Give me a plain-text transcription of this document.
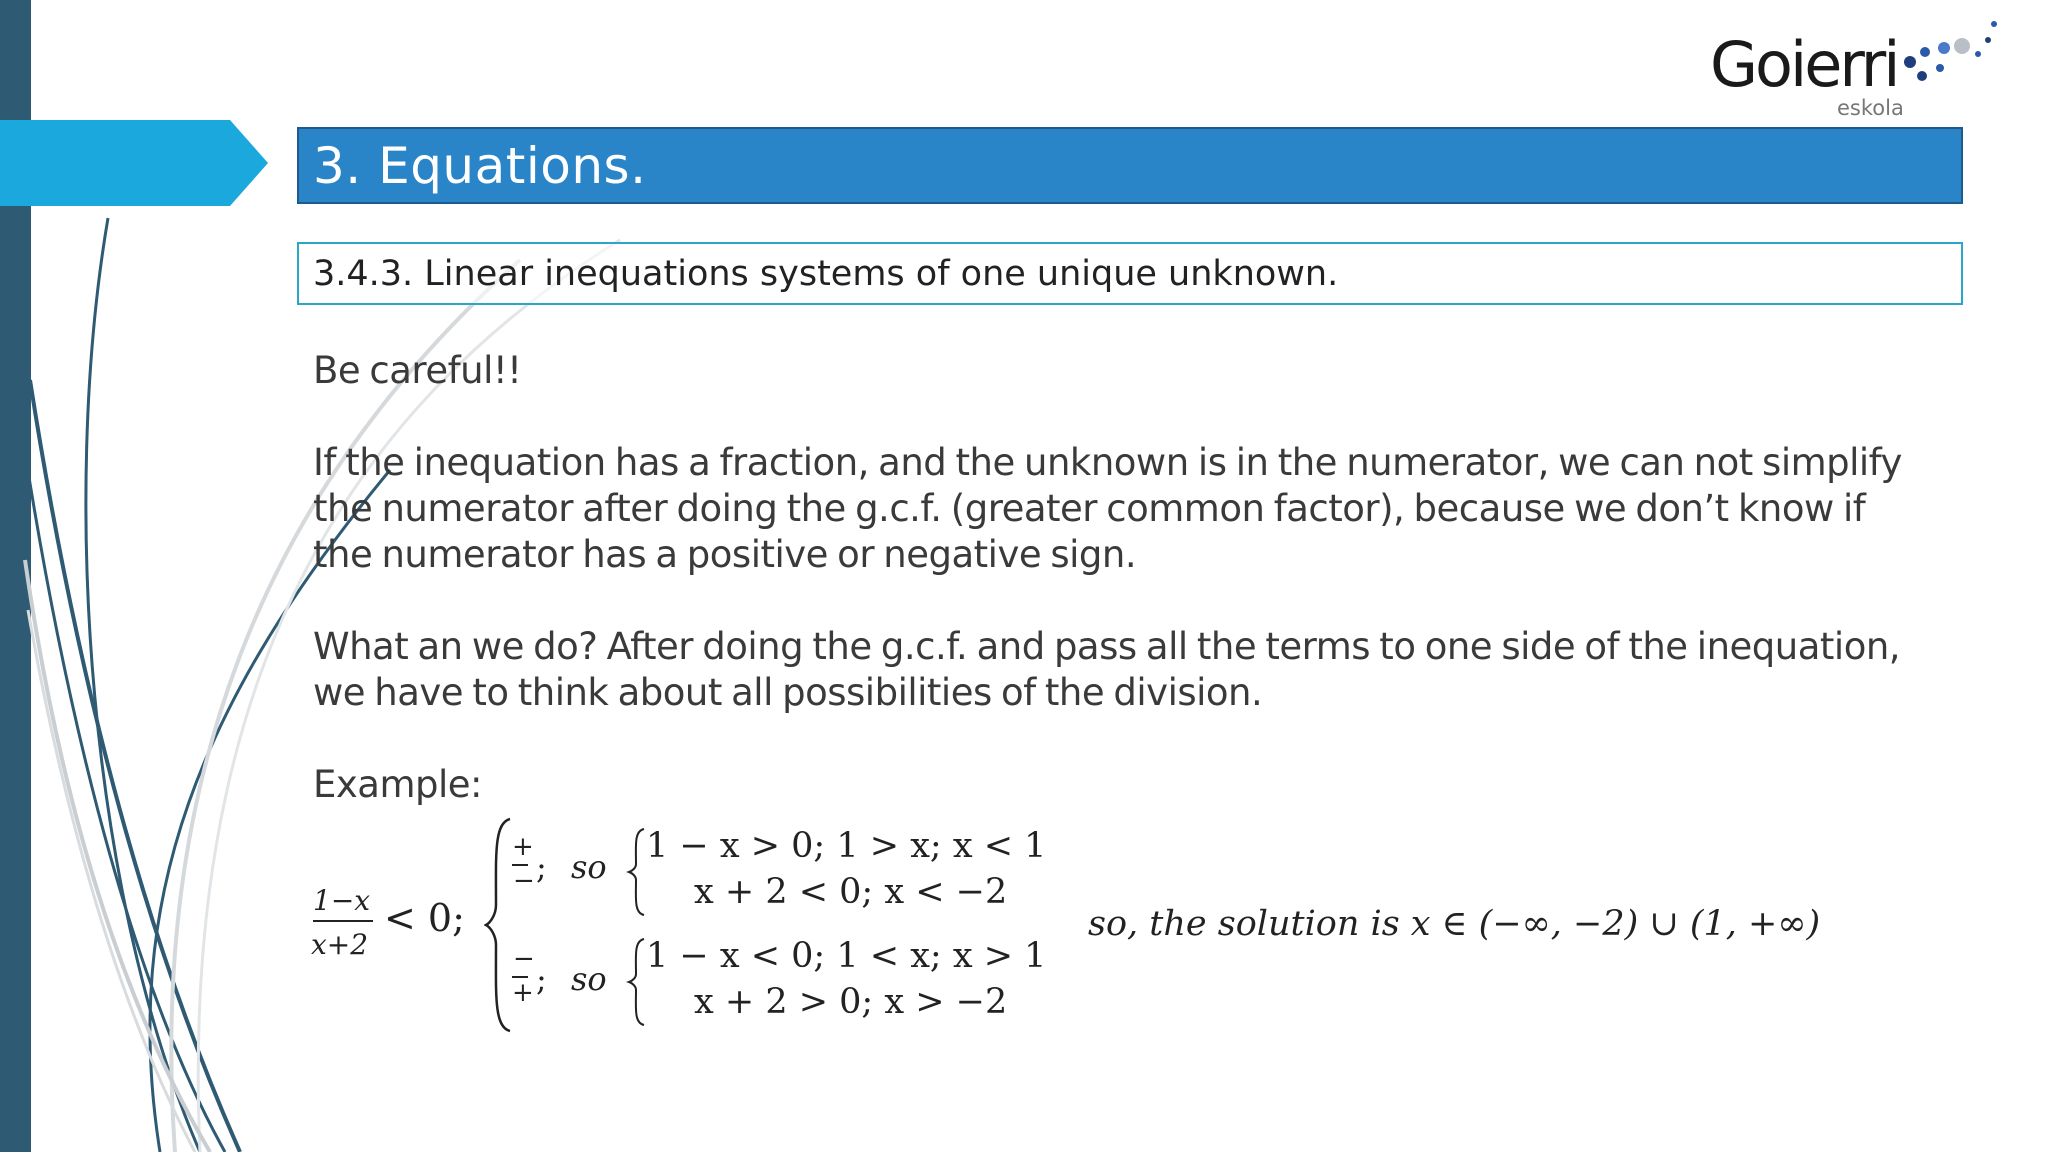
3. Equations.
3.4.3. Linear inequations systems of one unique unknown.
Goierri
eskola

Be careful!!

If the inequation has a fraction, and the unknown is in the numerator, we can not simplify the numerator after doing the g.c.f. (greater common factor), because we don’t know if the numerator has a positive or negative sign.

What an we do? After doing the g.c.f. and pass all the terms to one side of the inequation, we have to think about all possibilities of the division.

Example:

1−x
x+2
< 0;
+
− ; so
1 − x > 0; 1 > x; x < 1
x + 2 < 0; x < −2
−
+ ; so
1 − x < 0; 1 < x; x > 1
x + 2 > 0; x > −2
so, the solution is x ∈ (−∞, −2) ∪ (1, +∞)
